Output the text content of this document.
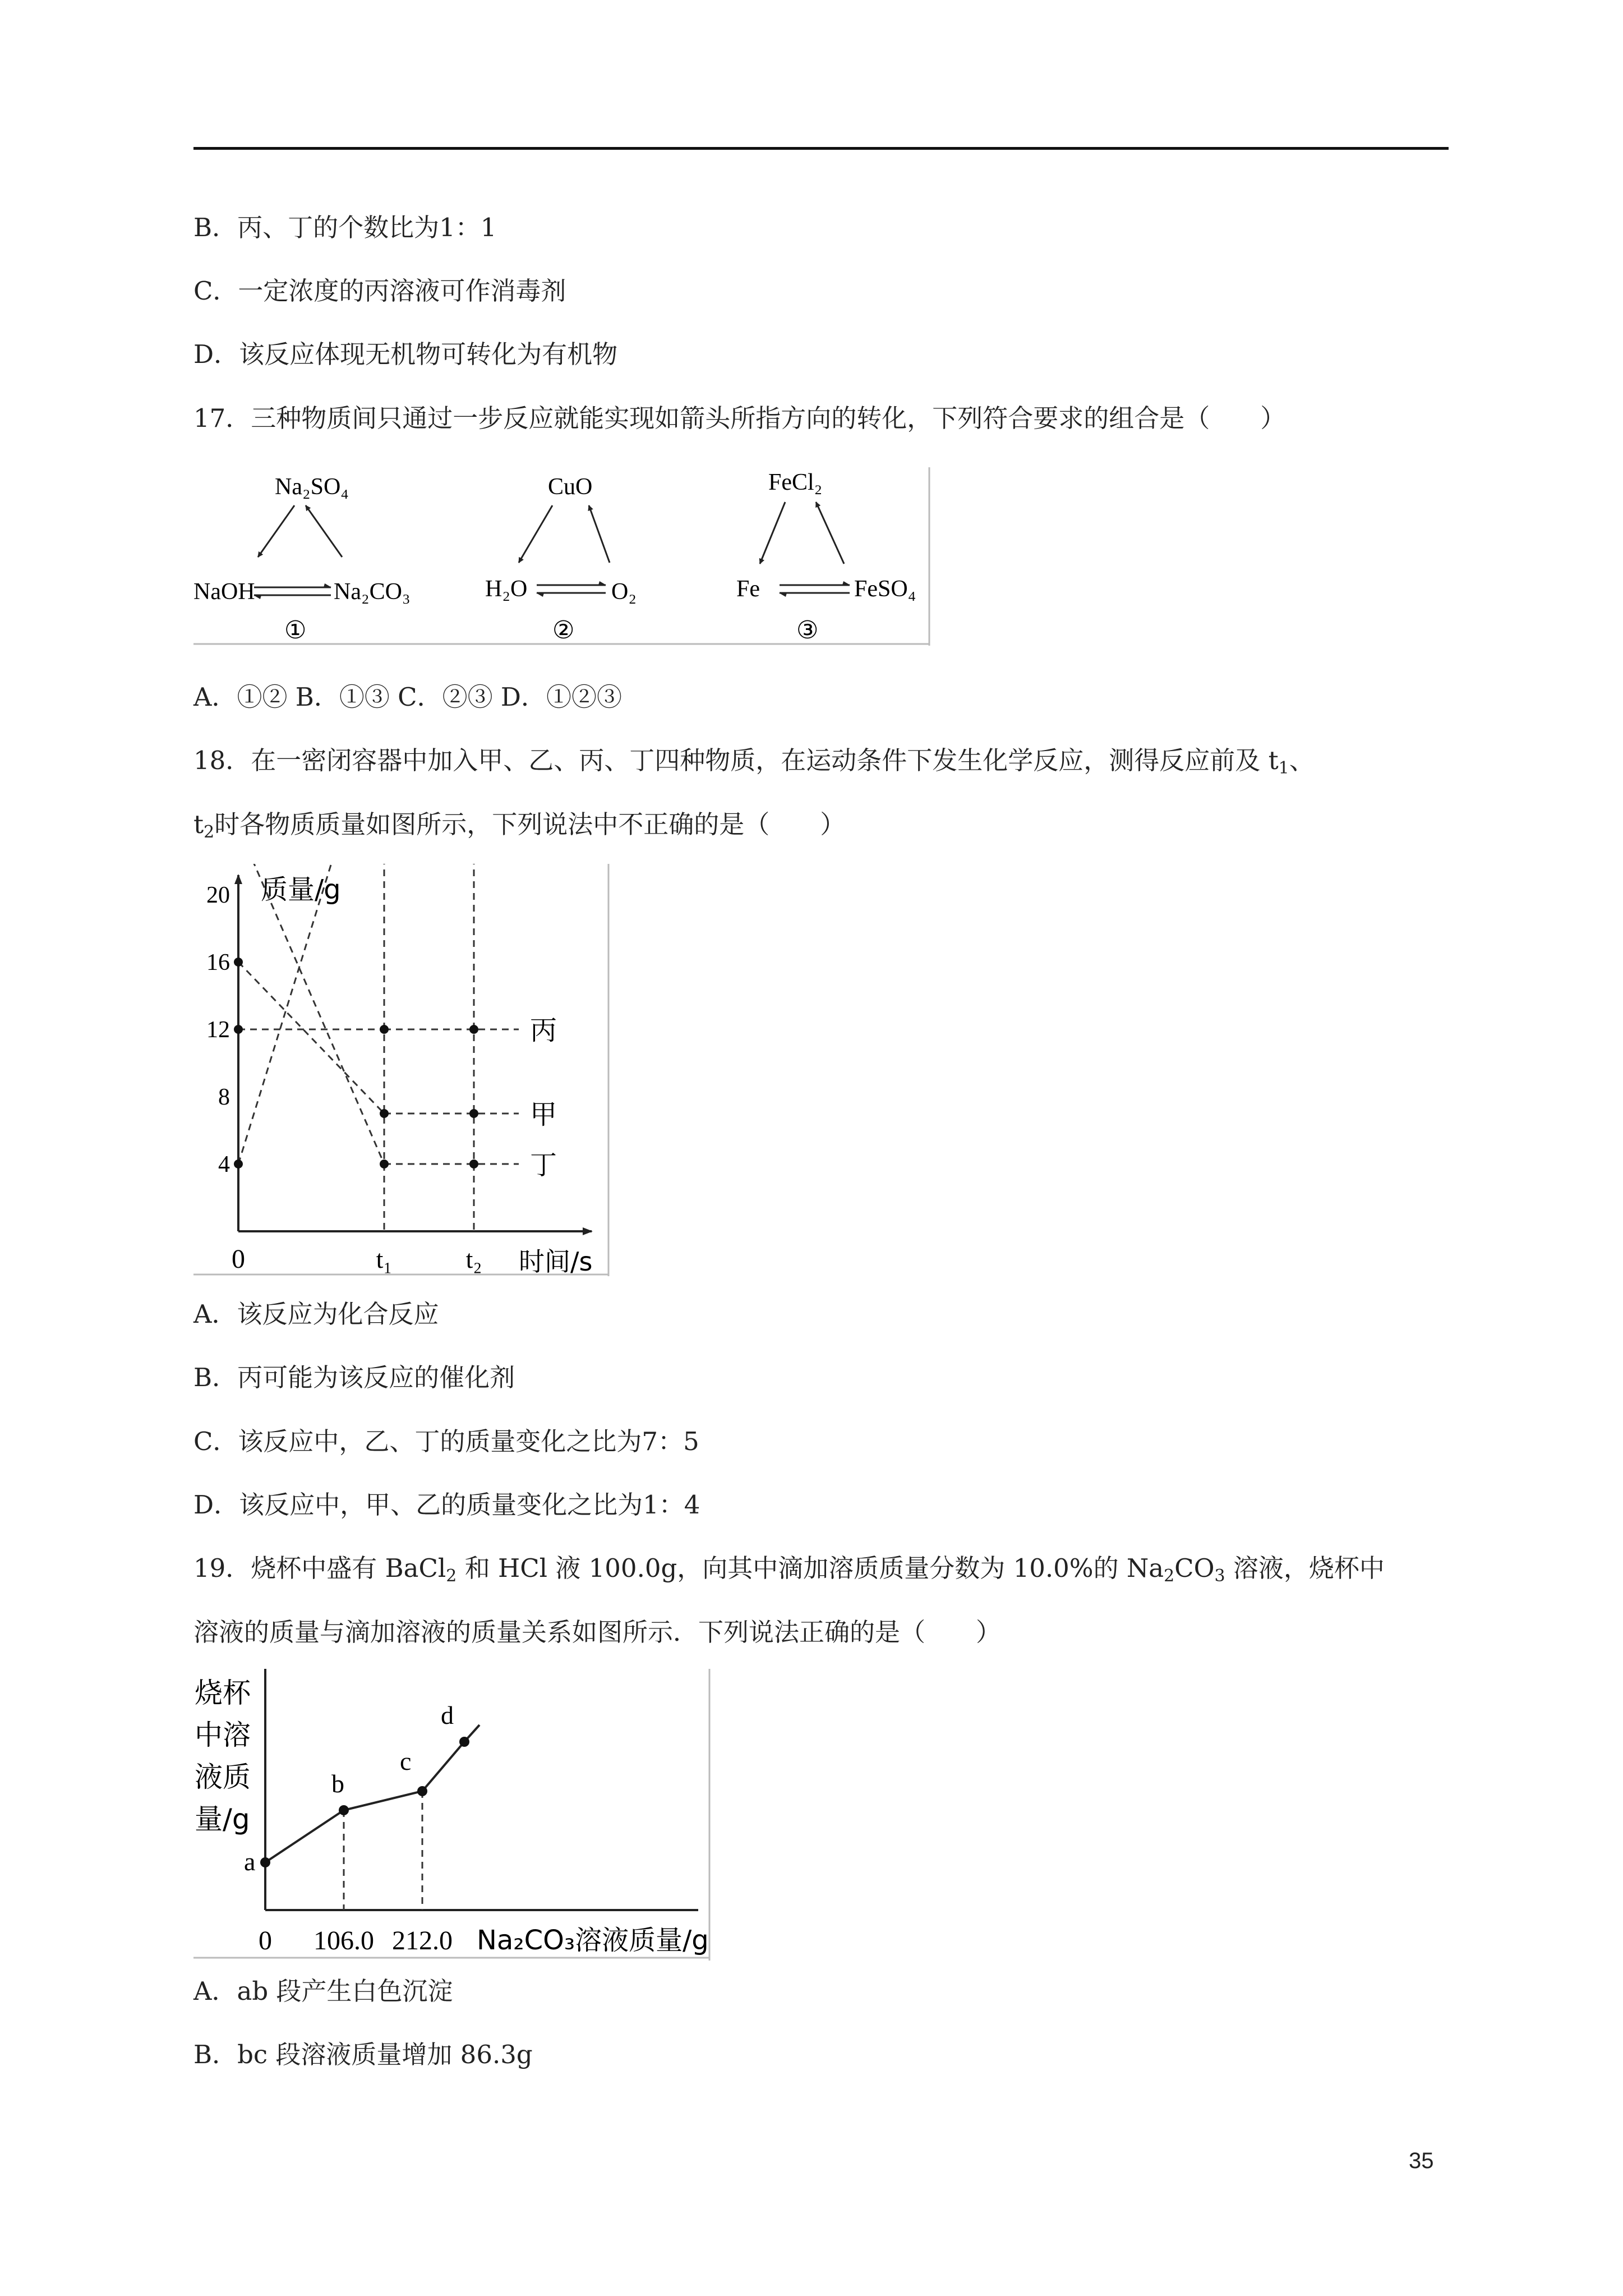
B．丙、丁的个数比为1：1
C．一定浓度的丙溶液可作消毒剂
D．该反应体现无机物可转化为有机物
17．三种物质间只通过一步反应就能实现如箭头所指方向的转化，下列符合要求的组合是（　　）
Na₂SO₄
NaOH	Na₂CO₃
①
CuO
H₂O	O₂
②
FeCl₂
Fe	FeSO₄
③
A．①② B．①③ C．②③ D．①②③
18．在一密闭容器中加入甲、乙、丙、丁四种物质，在运动条件下发生化学反应，测得反应前及 $t_1$、
$t_2$时各物质质量如图所示，下列说法中不正确的是（　　）
质量/g
0	t₁	t₂ 时间/s
4
8
12
16
20
丙
甲
丁
A．该反应为化合反应
B．丙可能为该反应的催化剂
C．该反应中，乙、丁的质量变化之比为7：5
D．该反应中，甲、乙的质量变化之比为1：4
19．烧杯中盛有 BaCl$_2$ 和 HCl 液 100.0g，向其中滴加溶质质量分数为 10.0%的 $Na_2CO_3$ 溶液，烧杯中
溶液的质量与滴加溶液的质量关系如图所示．下列说法正确的是（　　）
烧杯中溶液质量/g
0 106.0 212.0 Na₂CO₃溶液质量/g
a
b
c
d
A．ab 段产生白色沉淀
B．bc 段溶液质量增加 86.3g
35
